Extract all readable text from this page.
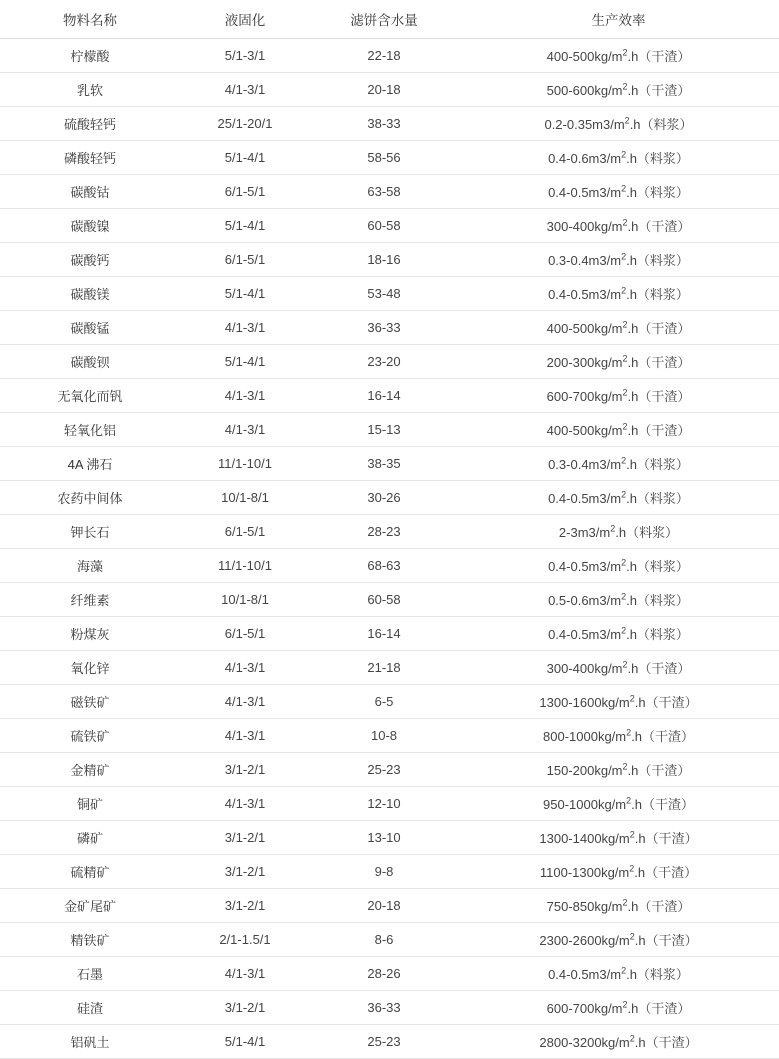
物料名称	液固化	滤饼含水量	生产效率
柠檬酸	5/1-3/1	22-18	$400-500kg/m^2.h$（干渣）
乳软	4/1-3/1	20-18	$500-600kg/m^2.h$（干渣）
硫酸轻钙	25/1-20/1	38-33	$0.2-0.35m3/m^2.h$（料浆）
磷酸轻钙	5/1-4/1	58-56	$0.4-0.6m3/m^2.h$（料浆）
碳酸钴	6/1-5/1	63-58	$0.4-0.5m3/m^2.h$（料浆）
碳酸镍	5/1-4/1	60-58	$300-400kg/m^2.h$（干渣）
碳酸钙	6/1-5/1	18-16	$0.3-0.4m3/m^2.h$（料浆）
碳酸镁	5/1-4/1	53-48	$0.4-0.5m3/m^2.h$（料浆）
碳酸锰	4/1-3/1	36-33	$400-500kg/m^2.h$（干渣）
碳酸钡	5/1-4/1	23-20	$200-300kg/m^2.h$（干渣）
无氧化而钒	4/1-3/1	16-14	$600-700kg/m^2.h$（干渣）
轻氧化铝	4/1-3/1	15-13	$400-500kg/m^2.h$（干渣）
4A 沸石	11/1-10/1	38-35	$0.3-0.4m3/m^2.h$（料浆）
农药中间体	10/1-8/1	30-26	$0.4-0.5m3/m^2.h$（料浆）
钾长石	6/1-5/1	28-23	$2-3m3/m^2.h$（料浆）
海藻	11/1-10/1	68-63	$0.4-0.5m3/m^2.h$（料浆）
纤维素	10/1-8/1	60-58	$0.5-0.6m3/m^2.h$（料浆）
粉煤灰	6/1-5/1	16-14	$0.4-0.5m3/m^2.h$（料浆）
氧化锌	4/1-3/1	21-18	$300-400kg/m^2.h$（干渣）
磁铁矿	4/1-3/1	6-5	$1300-1600kg/m^2.h$（干渣）
硫铁矿	4/1-3/1	10-8	$800-1000kg/m^2.h$（干渣）
金精矿	3/1-2/1	25-23	$150-200kg/m^2.h$（干渣）
铜矿	4/1-3/1	12-10	$950-1000kg/m^2.h$（干渣）
磷矿	3/1-2/1	13-10	$1300-1400kg/m^2.h$（干渣）
硫精矿	3/1-2/1	9-8	$1100-1300kg/m^2.h$（干渣）
金矿尾矿	3/1-2/1	20-18	$750-850kg/m^2.h$（干渣）
精铁矿	2/1-1.5/1	8-6	$2300-2600kg/m^2.h$（干渣）
石墨	4/1-3/1	28-26	$0.4-0.5m3/m^2.h$（料浆）
硅渣	3/1-2/1	36-33	$600-700kg/m^2.h$（干渣）
铝矾土	5/1-4/1	25-23	$2800-3200kg/m^2.h$（干渣）
